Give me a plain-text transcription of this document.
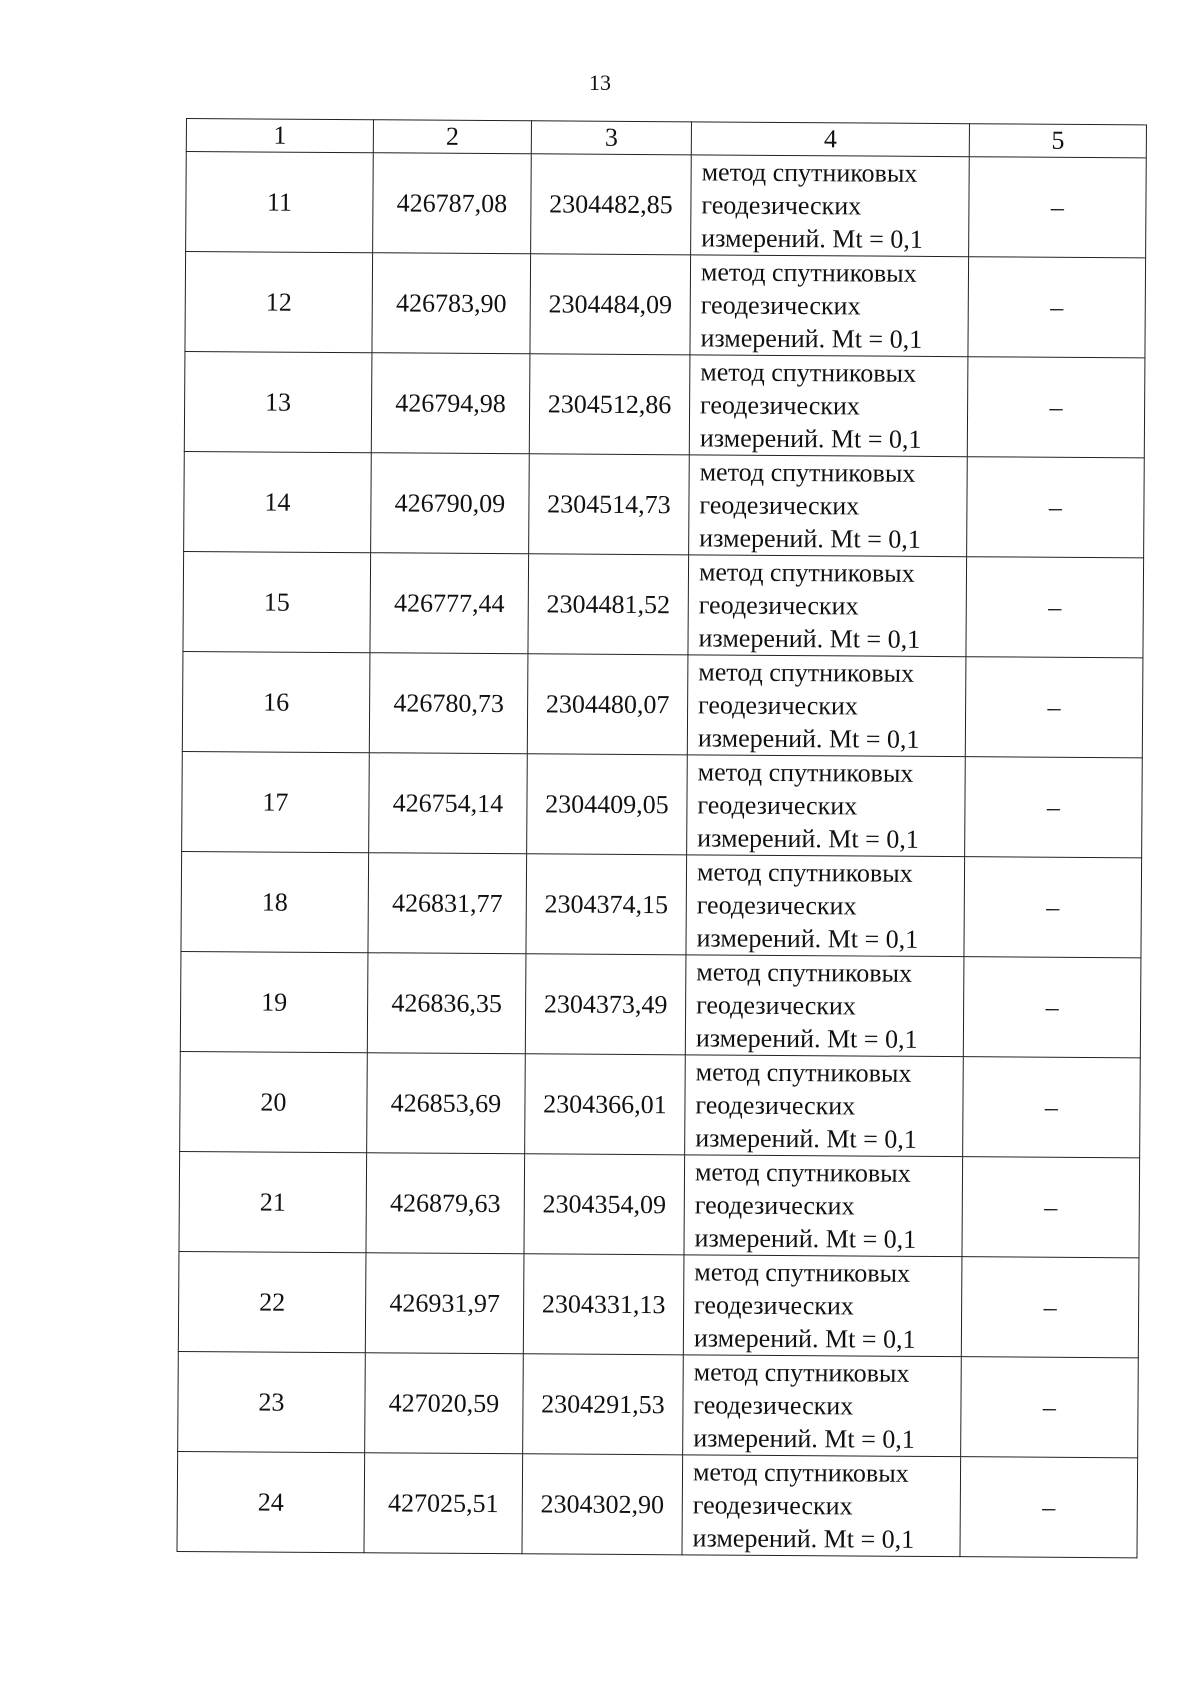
13
1	2	3	4	5
11	426787,08	2304482,85	метод спутниковых
геодезических
измерений. Mt = 0,1	–
12	426783,90	2304484,09	метод спутниковых
геодезических
измерений. Mt = 0,1	–
13	426794,98	2304512,86	метод спутниковых
геодезических
измерений. Mt = 0,1	–
14	426790,09	2304514,73	метод спутниковых
геодезических
измерений. Mt = 0,1	–
15	426777,44	2304481,52	метод спутниковых
геодезических
измерений. Mt = 0,1	–
16	426780,73	2304480,07	метод спутниковых
геодезических
измерений. Mt = 0,1	–
17	426754,14	2304409,05	метод спутниковых
геодезических
измерений. Mt = 0,1	–
18	426831,77	2304374,15	метод спутниковых
геодезических
измерений. Mt = 0,1	–
19	426836,35	2304373,49	метод спутниковых
геодезических
измерений. Mt = 0,1	–
20	426853,69	2304366,01	метод спутниковых
геодезических
измерений. Mt = 0,1	–
21	426879,63	2304354,09	метод спутниковых
геодезических
измерений. Mt = 0,1	–
22	426931,97	2304331,13	метод спутниковых
геодезических
измерений. Mt = 0,1	–
23	427020,59	2304291,53	метод спутниковых
геодезических
измерений. Mt = 0,1	–
24	427025,51	2304302,90	метод спутниковых
геодезических
измерений. Mt = 0,1	–
